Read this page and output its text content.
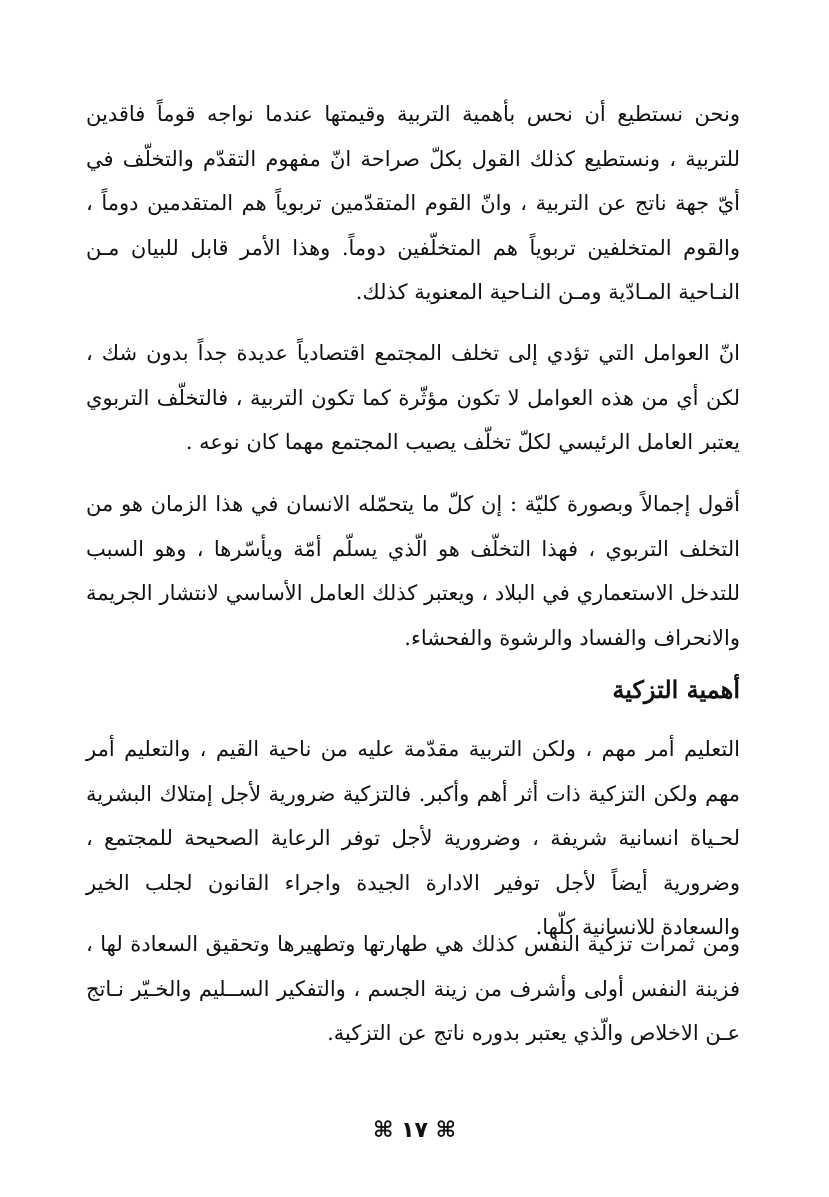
ونحن نستطيع أن نحس بأهمية التربية وقيمتها عندما نواجه قوماً فاقدين للتربية ، ونستطيع كذلك القول بكلّ صراحة انّ مفهوم التقدّم والتخلّف في أيّ جهة ناتج عن التربية ، وانّ القوم المتقدّمين تربوياً هم المتقدمين دوماً ، والقوم المتخلفين تربوياً هم المتخلّفين دوماً. وهذا الأمر قابل للبيان مـن النـاحية المـادّية ومـن النـاحية المعنوية كذلك.

انّ العوامل التي تؤدي إلى تخلف المجتمع اقتصادياً عديدة جداً بدون شك ، لكن أي من هذه العوامل لا تكون مؤثّرة كما تكون التربية ، فالتخلّف التربوي يعتبر العامل الرئيسي لكلّ تخلّف يصيب المجتمع مهما كان نوعه .

أقول إجمالاً وبصورة كليّة : إن كلّ ما يتحمّله الانسان في هذا الزمان هو من التخلف التربوي ، فهذا التخلّف هو الّذي يسلّم أمّة ويأسّرها ، وهو السبب للتدخل الاستعماري في البلاد ، ويعتبر كذلك العامل الأساسي لانتشار الجريمة والانحراف والفساد والرشوة والفحشاء.

أهمية التزكية

التعليم أمر مهم ، ولكن التربية مقدّمة عليه من ناحية القيم ، والتعليم أمر مهم ولكن التزكية ذات أثر أهم وأكبر. فالتزكية ضرورية لأجل إمتلاك البشرية لحـياة انسانية شريفة ، وضرورية لأجل توفر الرعاية الصحيحة للمجتمع ، وضرورية أيضاً لأجل توفير الادارة الجيدة واجراء القانون لجلب الخير والسعادة للانسانية كلّها.

ومن ثمرات تزكية النفس كذلك هي طهارتها وتطهيرها وتحقيق السعادة لها ، فزينة النفس أولى وأشرف من زينة الجسم ، والتفكير الســليم والخـيّر نـاتج عـن الاخلاص والّذي يعتبر بدوره ناتج عن التزكية.

⌘ ١٧ ⌘
